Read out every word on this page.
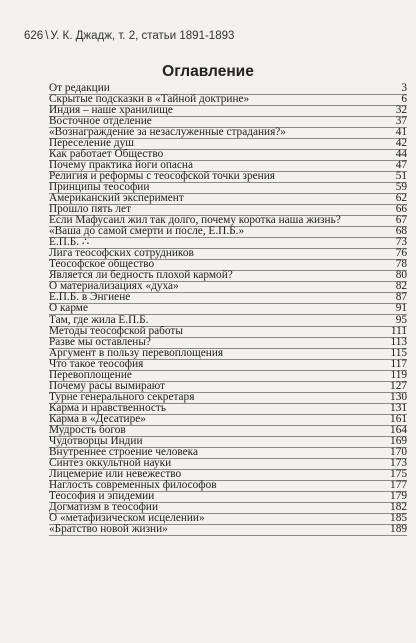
626 \ У. К. Джадж, т. 2, статьи 1891-1893
Оглавление
От редакции	3
Скрытые подсказки в «Тайной доктрине»	6
Индия – наше хранилище	32
Восточное отделение	37
«Вознаграждение за незаслуженные страдания?»	41
Переселение душ	42
Как работает Общество	44
Почему практика йоги опасна	47
Религия и реформы с теософской точки зрения	51
Принципы теософии	59
Американский эксперимент	62
Прошло пять лет	66
Если Мафусаил жил так долго, почему коротка наша жизнь?	67
«Ваша до самой смерти и после, Е.П.Б.»	68
Е.П.Б. ∴	73
Лига теософских сотрудников	76
Теософское общество	78
Является ли бедность плохой кармой?	80
О материализациях «духа»	82
Е.П.Б. в Энгиене	87
О карме	91
Там, где жила Е.П.Б.	95
Методы теософской работы	111
Разве мы оставлены?	113
Аргумент в пользу перевоплощения	115
Что такое теософия	117
Перевоплощение	119
Почему расы вымирают	127
Турне генерального секретаря	130
Карма и нравственность	131
Карма в «Десатире»	161
Мудрость богов	164
Чудотворцы Индии	169
Внутреннее строение человека	170
Синтез оккультной науки	173
Лицемерие или невежество	175
Наглость современных философов	177
Теософия и эпидемии	179
Догматизм в теософии	182
О «метафизическом исцелении»	185
«Братство новой жизни»	189
